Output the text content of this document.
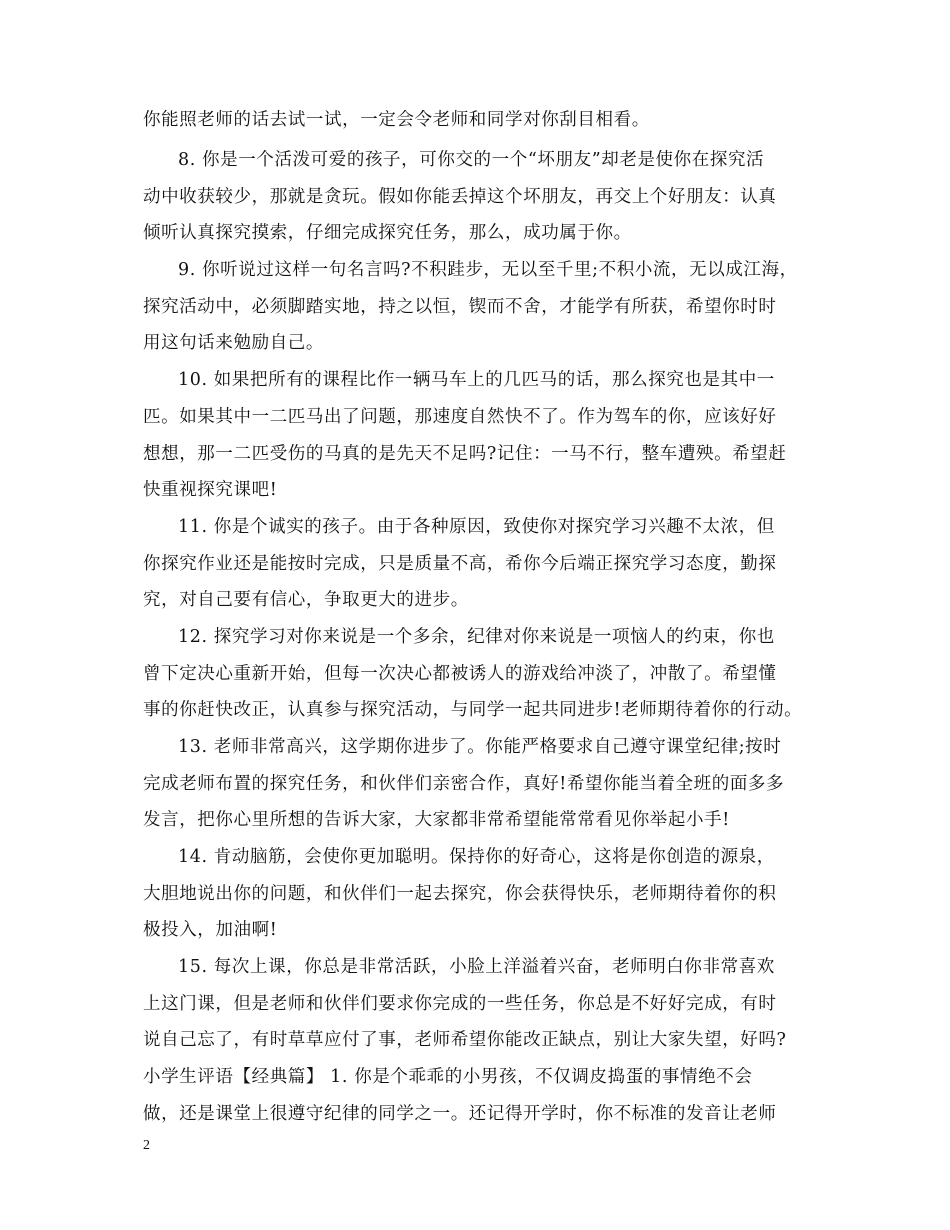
你能照老师的话去试一试，一定会令老师和同学对你刮目相看。
8. 你是一个活泼可爱的孩子，可你交的一个“坏朋友”却老是使你在探究活
动中收获较少，那就是贪玩。假如你能丢掉这个坏朋友，再交上个好朋友：认真
倾听认真探究摸索，仔细完成探究任务，那么，成功属于你。
9. 你听说过这样一句名言吗?不积跬步，无以至千里;不积小流，无以成江海，
探究活动中，必须脚踏实地，持之以恒，锲而不舍，才能学有所获，希望你时时
用这句话来勉励自己。
10. 如果把所有的课程比作一辆马车上的几匹马的话，那么探究也是其中一
匹。如果其中一二匹马出了问题，那速度自然快不了。作为驾车的你，应该好好
想想，那一二匹受伤的马真的是先天不足吗?记住：一马不行，整车遭殃。希望赶
快重视探究课吧!
11. 你是个诚实的孩子。由于各种原因，致使你对探究学习兴趣不太浓，但
你探究作业还是能按时完成，只是质量不高，希你今后端正探究学习态度，勤探
究，对自己要有信心，争取更大的进步。
12. 探究学习对你来说是一个多余，纪律对你来说是一项恼人的约束，你也
曾下定决心重新开始，但每一次决心都被诱人的游戏给冲淡了，冲散了。希望懂
事的你赶快改正，认真参与探究活动，与同学一起共同进步!老师期待着你的行动。
13. 老师非常高兴，这学期你进步了。你能严格要求自己遵守课堂纪律;按时
完成老师布置的探究任务，和伙伴们亲密合作，真好!希望你能当着全班的面多多
发言，把你心里所想的告诉大家，大家都非常希望能常常看见你举起小手!
14. 肯动脑筋，会使你更加聪明。保持你的好奇心，这将是你创造的源泉，
大胆地说出你的问题，和伙伴们一起去探究，你会获得快乐，老师期待着你的积
极投入，加油啊!
15. 每次上课，你总是非常活跃，小脸上洋溢着兴奋，老师明白你非常喜欢
上这门课，但是老师和伙伴们要求你完成的一些任务，你总是不好好完成，有时
说自己忘了，有时草草应付了事，老师希望你能改正缺点，别让大家失望，好吗?
小学生评语【经典篇】 1. 你是个乖乖的小男孩，不仅调皮捣蛋的事情绝不会
做，还是课堂上很遵守纪律的同学之一。还记得开学时，你不标准的发音让老师
2
